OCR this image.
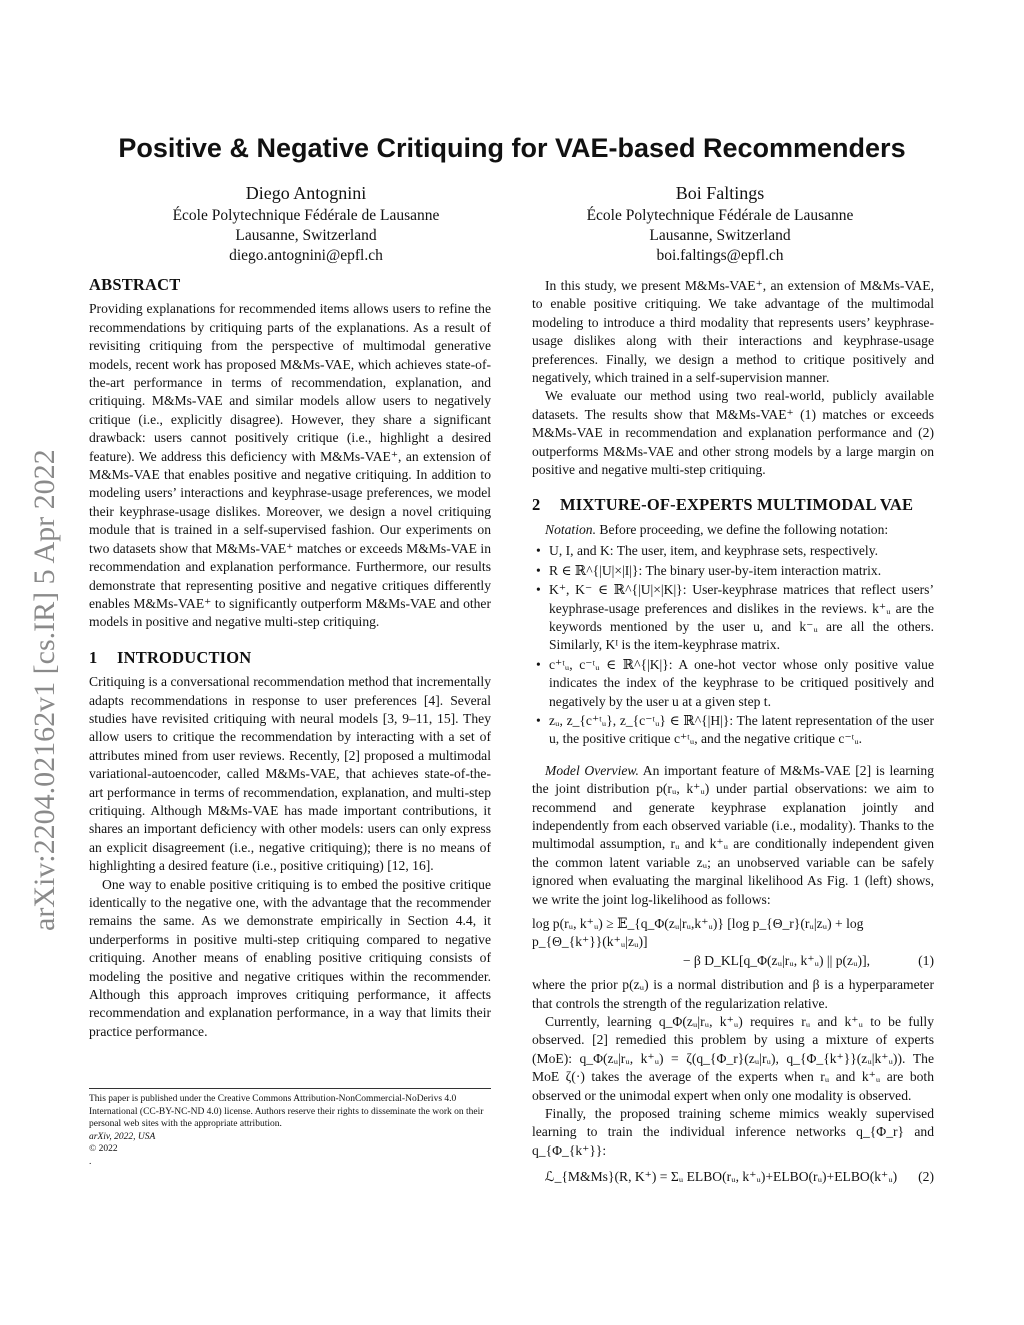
arXiv:2204.02162v1 [cs.IR] 5 Apr 2022
Positive & Negative Critiquing for VAE-based Recommenders
Diego Antognini
École Polytechnique Fédérale de Lausanne
Lausanne, Switzerland
diego.antognini@epfl.ch
Boi Faltings
École Polytechnique Fédérale de Lausanne
Lausanne, Switzerland
boi.faltings@epfl.ch
ABSTRACT

Providing explanations for recommended items allows users to refine the recommendations by critiquing parts of the explanations. As a result of revisiting critiquing from the perspective of multimodal generative models, recent work has proposed M&Ms-VAE, which achieves state-of-the-art performance in terms of recommendation, explanation, and critiquing. M&Ms-VAE and similar models allow users to negatively critique (i.e., explicitly disagree). However, they share a significant drawback: users cannot positively critique (i.e., highlight a desired feature). We address this deficiency with M&Ms-VAE⁺, an extension of M&Ms-VAE that enables positive and negative critiquing. In addition to modeling users’ interactions and keyphrase-usage preferences, we model their keyphrase-usage dislikes. Moreover, we design a novel critiquing module that is trained in a self-supervised fashion. Our experiments on two datasets show that M&Ms-VAE⁺ matches or exceeds M&Ms-VAE in recommendation and explanation performance. Furthermore, our results demonstrate that representing positive and negative critiques differently enables M&Ms-VAE⁺ to significantly outperform M&Ms-VAE and other models in positive and negative multi-step critiquing.

1 INTRODUCTION

Critiquing is a conversational recommendation method that incrementally adapts recommendations in response to user preferences [4]. Several studies have revisited critiquing with neural models [3, 9–11, 15]. They allow users to critique the recommendation by interacting with a set of attributes mined from user reviews. Recently, [2] proposed a multimodal variational-autoencoder, called M&Ms-VAE, that achieves state-of-the-art performance in terms of recommendation, explanation, and multi-step critiquing. Although M&Ms-VAE has made important contributions, it shares an important deficiency with other models: users can only express an explicit disagreement (i.e., negative critiquing); there is no means of highlighting a desired feature (i.e., positive critiquing) [12, 16].

One way to enable positive critiquing is to embed the positive critique identically to the negative one, with the advantage that the recommender remains the same. As we demonstrate empirically in Section 4.4, it underperforms in positive multi-step critiquing compared to negative critiquing. Another means of enabling positive critiquing consists of modeling the positive and negative critiques within the recommender. Although this approach improves critiquing performance, it affects recommendation and explanation performance, in a way that limits their practice performance.

This paper is published under the Creative Commons Attribution-NonCommercial-NoDerivs 4.0 International (CC-BY-NC-ND 4.0) license. Authors reserve their rights to disseminate the work on their personal web sites with the appropriate attribution.
arXiv, 2022, USA
© 2022
.

In this study, we present M&Ms-VAE⁺, an extension of M&Ms-VAE, to enable positive critiquing. We take advantage of the multimodal modeling to introduce a third modality that represents users’ keyphrase-usage dislikes along with their interactions and keyphrase-usage preferences. Finally, we design a method to critique positively and negatively, which trained in a self-supervision manner.

We evaluate our method using two real-world, publicly available datasets. The results show that M&Ms-VAE⁺ (1) matches or exceeds M&Ms-VAE in recommendation and explanation performance and (2) outperforms M&Ms-VAE and other strong models by a large margin on positive and negative multi-step critiquing.

2 MIXTURE-OF-EXPERTS MULTIMODAL VAE

Notation. Before proceeding, we define the following notation:

• U, I, and K: The user, item, and keyphrase sets, respectively.
• R ∈ ℝ^{|U|×|I|}: The binary user-by-item interaction matrix.
• K⁺, K⁻ ∈ ℝ^{|U|×|K|}: User-keyphrase matrices that reflect users’ keyphrase-usage preferences and dislikes in the reviews. k⁺ᵤ are the keywords mentioned by the user u, and k⁻ᵤ are all the others. Similarly, Kᴵ is the item-keyphrase matrix.
• c⁺ᵗᵤ, c⁻ᵗᵤ ∈ ℝ^{|K|}: A one-hot vector whose only positive value indicates the index of the keyphrase to be critiqued positively and negatively by the user u at a given step t.
• zᵤ, z_{c⁺ᵗᵤ}, z_{c⁻ᵗᵤ} ∈ ℝ^{|H|}: The latent representation of the user u, the positive critique c⁺ᵗᵤ, and the negative critique c⁻ᵗᵤ.

Model Overview. An important feature of M&Ms-VAE [2] is learning the joint distribution p(rᵤ, k⁺ᵤ) under partial observations: we aim to recommend and generate keyphrase explanation jointly and independently from each observed variable (i.e., modality). Thanks to the multimodal assumption, rᵤ and k⁺ᵤ are conditionally independent given the common latent variable zᵤ; an unobserved variable can be safely ignored when evaluating the marginal likelihood As Fig. 1 (left) shows, we write the joint log-likelihood as follows:

log p(rᵤ, k⁺ᵤ) ≥ 𝔼_{q_Φ(zᵤ|rᵤ,k⁺ᵤ)} [log p_{Θ_r}(rᵤ|zᵤ) + log p_{Θ_{k⁺}}(k⁺ᵤ|zᵤ)]
− β D_KL[q_Φ(zᵤ|rᵤ, k⁺ᵤ) || p(zᵤ)],	(1)

where the prior p(zᵤ) is a normal distribution and β is a hyperparameter that controls the strength of the regularization relative.

Currently, learning q_Φ(zᵤ|rᵤ, k⁺ᵤ) requires rᵤ and k⁺ᵤ to be fully observed. [2] remedied this problem by using a mixture of experts (MoE): q_Φ(zᵤ|rᵤ, k⁺ᵤ) = ζ(q_{Φ_r}(zᵤ|rᵤ), q_{Φ_{k⁺}}(zᵤ|k⁺ᵤ)). The MoE ζ(·) takes the average of the experts when rᵤ and k⁺ᵤ are both observed or the unimodal expert when only one modality is observed.

Finally, the proposed training scheme mimics weakly supervised learning to train the individual inference networks q_{Φ_r} and q_{Φ_{k⁺}}:

ℒ_{M&Ms}(R, K⁺) = Σᵤ ELBO(rᵤ, k⁺ᵤ)+ELBO(rᵤ)+ELBO(k⁺ᵤ)	(2)
